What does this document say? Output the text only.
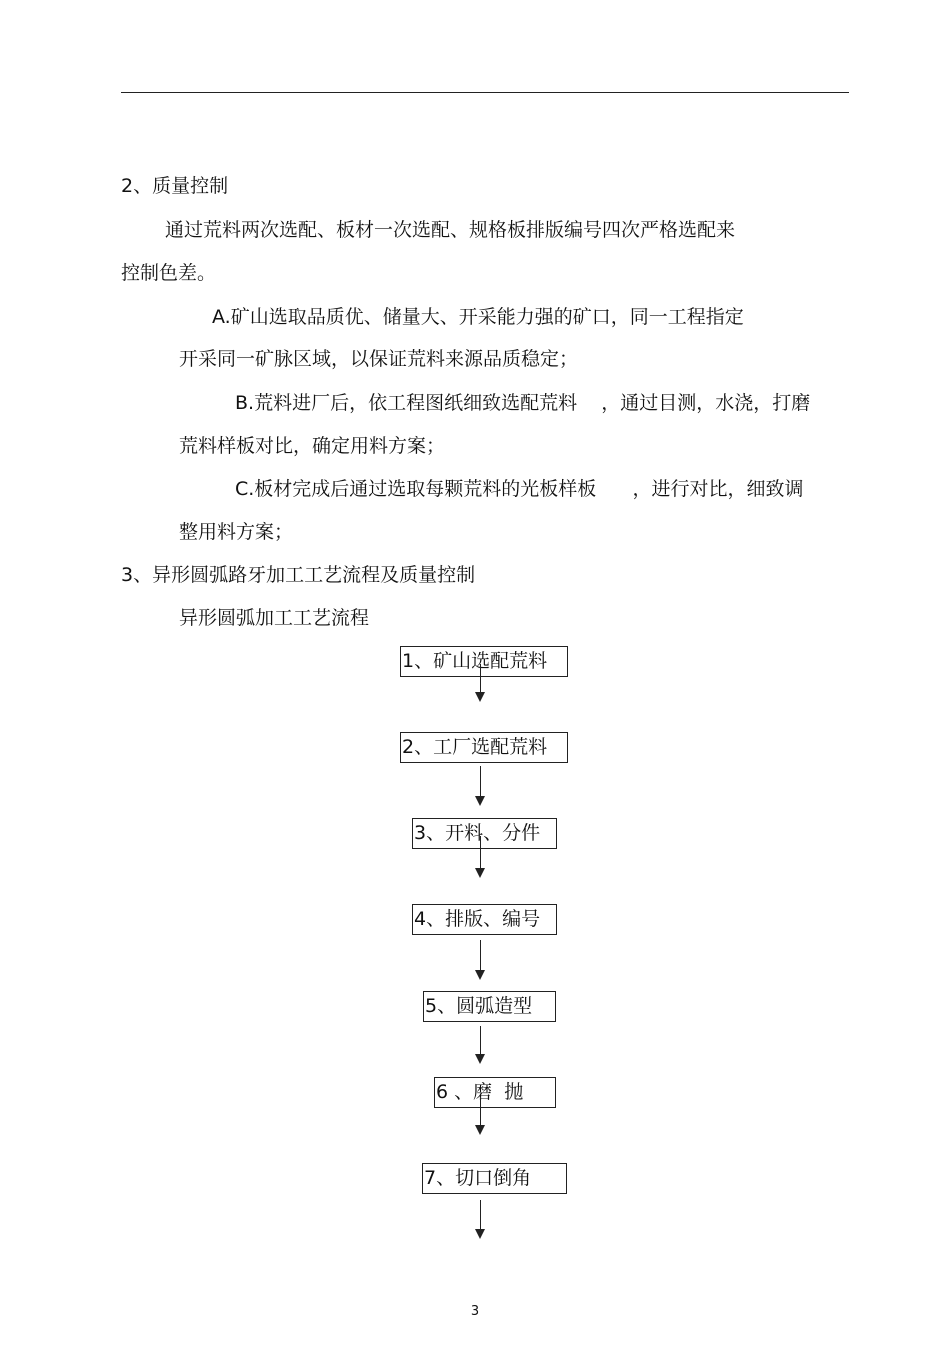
2、质量控制
通过荒料两次选配、板材一次选配、规格板排版编号四次严格选配来
控制色差。
A.矿山选取品质优、储量大、开采能力强的矿口，同一工程指定
开采同一矿脉区域，以保证荒料来源品质稳定；
B.荒料进厂后，依工程图纸细致选配荒料    ，通过目测，水浇，打磨
荒料样板对比，确定用料方案；
C.板材完成后通过选取每颗荒料的光板样板      ，进行对比，细致调
整用料方案；
3、异形圆弧路牙加工工艺流程及质量控制
异形圆弧加工工艺流程
1、矿山选配荒料
2、工厂选配荒料
3、开料、分件
4、排版、编号
5、圆弧造型
6 、磨  抛
7、切口倒角
3
